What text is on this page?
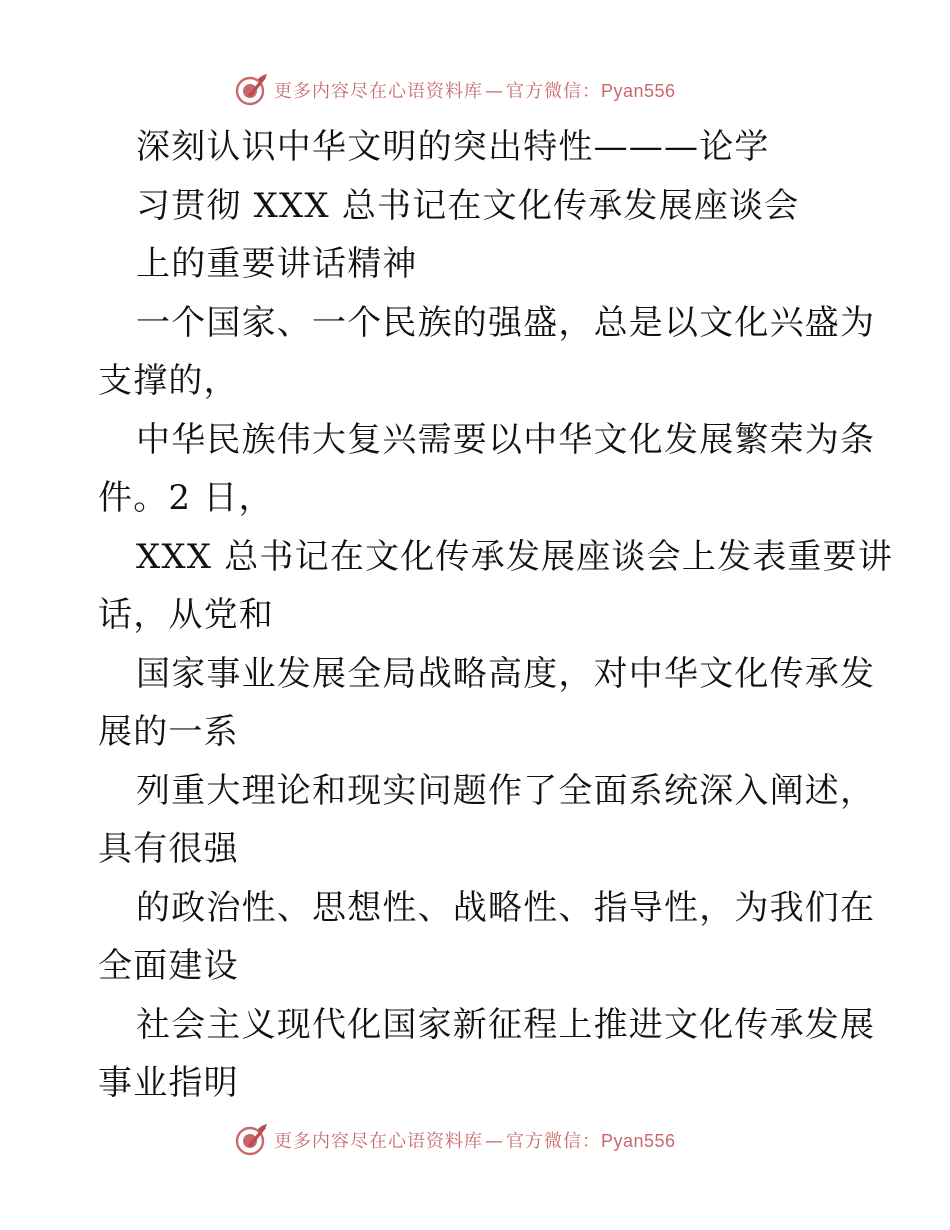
更多内容尽在心语资料库 — 官方微信：Pyan556
深刻认识中华文明的突出特性———论学
习贯彻 XXX 总书记在文化传承发展座谈会
上的重要讲话精神
一个国家、一个民族的强盛，总是以文化兴盛为
支撑的，
中华民族伟大复兴需要以中华文化发展繁荣为条
件。2 日，
XXX 总书记在文化传承发展座谈会上发表重要讲
话，从党和
国家事业发展全局战略高度，对中华文化传承发
展的一系
列重大理论和现实问题作了全面系统深入阐述，
具有很强
的政治性、思想性、战略性、指导性，为我们在
全面建设
社会主义现代化国家新征程上推进文化传承发展
事业指明
更多内容尽在心语资料库 — 官方微信：Pyan556
